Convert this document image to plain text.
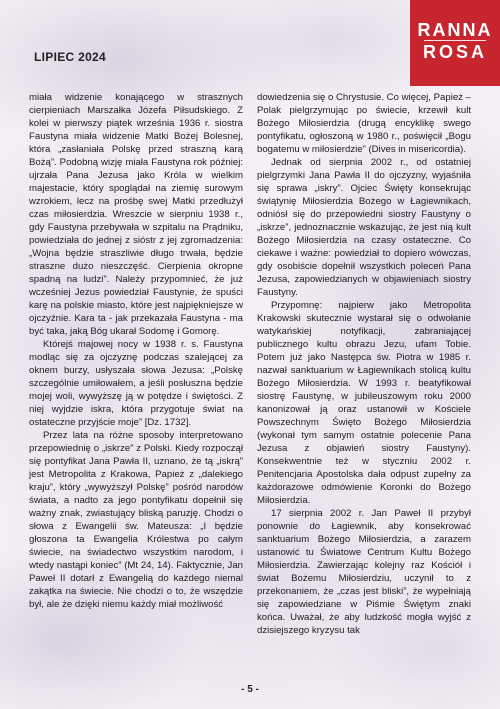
LIPIEC 2024
RANNA
ROSA

miała widzenie konającego w strasznych cierpieniach Marszałka Józefa Piłsudskiego. Z kolei w pierwszy piątek września 1936 r. siostra Faustyna miała widzenie Matki Bożej Bolesnej, która „zasłaniała Polskę przed straszną karą Bożą”. Podobną wizję miała Faustyna rok później: ujrzała Pana Jezusa jako Króla w wielkim majestacie, który spoglądał na ziemię surowym wzrokiem, lecz na prośbę swej Matki przedłużył czas miłosierdzia. Wreszcie w sierpniu 1938 r., gdy Faustyna przebywała w szpitalu na Prądniku, powiedziała do jednej z sióstr z jej zgromadzenia: „Wojna będzie straszliwie długo trwała, będzie straszne dużo nieszczęść. Cierpienia okropne spadną na ludzi”. Należy przypomnieć, że już wcześniej Jezus powiedział Faustynie, że spuści karę na polskie miasto, które jest najpiękniejsze w ojczyźnie. Kara ta - jak przekazała Faustyna - ma być taka, jaką Bóg ukarał Sodomę i Gomorę.

Którejś majowej nocy w 1938 r. s. Faustyna modląc się za ojczyznę podczas szalejącej za oknem burzy, usłyszała słowa Jezusa: „Polskę szczególnie umiłowałem, a jeśli posłuszna będzie mojej woli, wywyższę ją w potędze i świętości. Z niej wyjdzie iskra, która przygotuje świat na ostateczne przyjście moje” [Dz. 1732].

Przez lata na różne sposoby interpretowano przepowiednię o „iskrze” z Polski. Kiedy rozpoczął się pontyfikat Jana Pawła II, uznano, że tą „iskrą” jest Metropolita z Krakowa, Papież z „dalekiego kraju”, który „wywyższył Polskę” pośród narodów świata, a nadto za jego pontyfikatu dopełnił się ważny znak, zwiastujący bliską paruzję. Chodzi o słowa z Ewangelii św. Mateusza: „I będzie głoszona ta Ewangelia Królestwa po całym świecie, na świadectwo wszystkim narodom, i wtedy nastąpi koniec” (Mt 24, 14). Faktycznie, Jan Paweł II dotarł z Ewangelią do każdego niemal zakątka na świecie. Nie chodzi o to, że wszędzie był, ale że dzięki niemu każdy miał możliwość

dowiedzenia się o Chrystusie. Co więcej, Papież – Polak pielgrzymując po świecie, krzewił kult Bożego Miłosierdzia (drugą encyklikę swego pontyfikatu, ogłoszoną w 1980 r., poświęcił „Bogu bogatemu w miłosierdzie” (Dives in misericordia).

Jednak od sierpnia 2002 r., od ostatniej pielgrzymki Jana Pawła II do ojczyzny, wyjaśniła się sprawa „iskry”. Ojciec Święty konsekrując świątynię Miłosierdzia Bożego w Łagiewnikach, odniósł się do przepowiedni siostry Faustyny o „iskrze”, jednoznacznie wskazując, że jest nią kult Bożego Miłosierdzia na czasy ostateczne. Co ciekawe i ważne: powiedział to dopiero wówczas, gdy osobiście dopełnił wszystkich poleceń Pana Jezusa, zapowiedzianych w objawieniach siostry Faustyny.

Przypomnę: najpierw jako Metropolita Krakowski skutecznie wystarał się o odwołanie watykańskiej notyfikacji, zabraniającej publicznego kultu obrazu Jezu, ufam Tobie. Potem już jako Następca św. Piotra w 1985 r. nazwał sanktuarium w Łagiewnikach stolicą kultu Bożego Miłosierdzia. W 1993 r. beatyfikował siostrę Faustynę, w jubileuszowym roku 2000 kanonizował ją oraz ustanowił w Kościele Powszechnym Święto Bożego Miłosierdzia (wykonał tym samym ostatnie polecenie Pana Jezusa z objawień siostry Faustyny). Konsekwentnie też w styczniu 2002 r. Penitencjaria Apostolska dała odpust zupełny za każdorazowe odmówienie Koronki do Bożego Miłosierdzia.

17 sierpnia 2002 r. Jan Paweł II przybył ponownie do Łagiewnik, aby konsekrować sanktuarium Bożego Miłosierdzia, a zarazem ustanowić tu Światowe Centrum Kultu Bożego Miłosierdzia. Zawierzając kolejny raz Kościół i świat Bożemu Miłosierdziu, uczynił to z przekonaniem, że „czas jest bliski”, że wypełniają się zapowiedziane w Piśmie Świętym znaki końca. Uważał, że aby ludzkość mogła wyjść z dzisiejszego kryzysu tak

- 5 -
